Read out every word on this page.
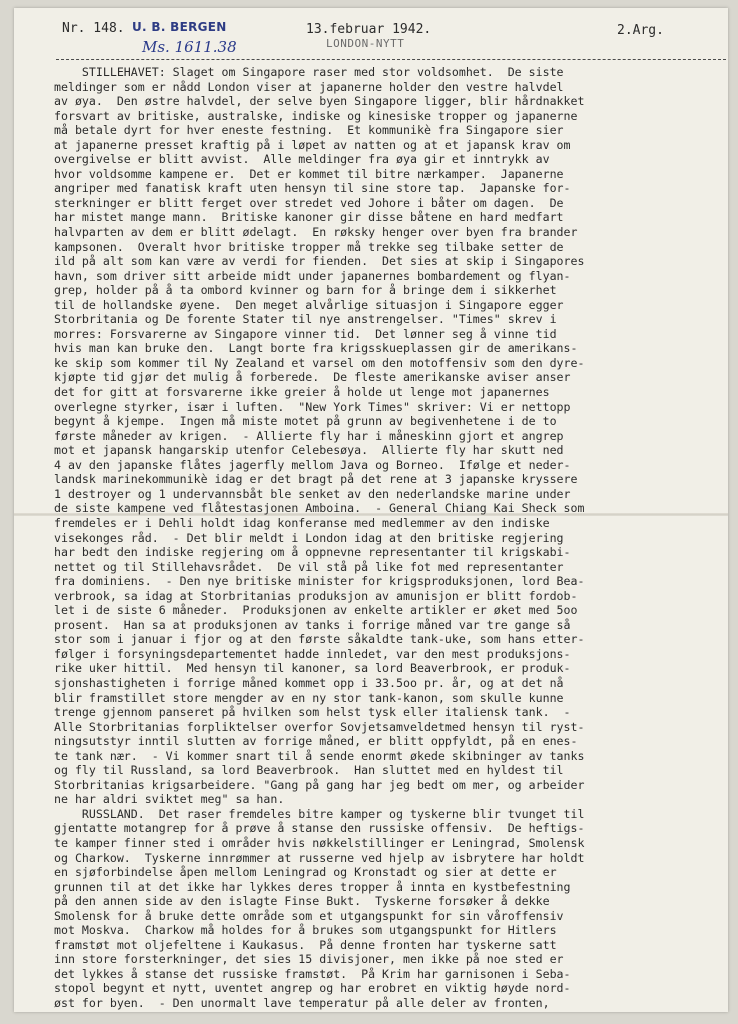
Nr. 148. U. B. BERGEN
Ms. 1611.38
13.februar 1942.
LONDON-NYTT
2.Arg.
STILLEHAVET: Slaget om Singapore raser med stor voldsomhet.  De siste
meldinger som er nådd London viser at japanerne holder den vestre halvdel
av øya.  Den østre halvdel, der selve byen Singapore ligger, blir hårdnakket
forsvart av britiske, australske, indiske og kinesiske tropper og japanerne
må betale dyrt for hver eneste festning.  Et kommunikè fra Singapore sier
at japanerne presset kraftig på i løpet av natten og at et japansk krav om
overgivelse er blitt avvist.  Alle meldinger fra øya gir et inntrykk av
hvor voldsomme kampene er.  Det er kommet til bitre nærkamper.  Japanerne
angriper med fanatisk kraft uten hensyn til sine store tap.  Japanske for-
sterkninger er blitt ferget over stredet ved Johore i båter om dagen.  De
har mistet mange mann.  Britiske kanoner gir disse båtene en hard medfart
halvparten av dem er blitt ødelagt.  En røksky henger over byen fra brander
kampsonen.  Overalt hvor britiske tropper må trekke seg tilbake setter de
ild på alt som kan være av verdi for fienden.  Det sies at skip i Singapores
havn, som driver sitt arbeide midt under japanernes bombardement og flyan-
grep, holder på å ta ombord kvinner og barn for å bringe dem i sikkerhet
til de hollandske øyene.  Den meget alvårlige situasjon i Singapore egger
Storbritania og De forente Stater til nye anstrengelser. "Times" skrev i
morres: Forsvarerne av Singapore vinner tid.  Det lønner seg å vinne tid
hvis man kan bruke den.  Langt borte fra krigsskueplassen gir de amerikans-
ke skip som kommer til Ny Zealand et varsel om den motoffensiv som den dyre-
kjøpte tid gjør det mulig å forberede.  De fleste amerikanske aviser anser
det for gitt at forsvarerne ikke greier å holde ut lenge mot japanernes
overlegne styrker, især i luften.  "New York Times" skriver: Vi er nettopp
begynt å kjempe.  Ingen må miste motet på grunn av begivenhetene i de to
første måneder av krigen.  - Allierte fly har i måneskinn gjort et angrep
mot et japansk hangarskip utenfor Celebesøya.  Allierte fly har skutt ned
4 av den japanske flåtes jagerfly mellom Java og Borneo.  Ifølge et neder-
landsk marinekommunikè idag er det bragt på det rene at 3 japanske kryssere
1 destroyer og 1 undervannsbåt ble senket av den nederlandske marine under
de siste kampene ved flåtestasjonen Amboina.  - General Chiang Kai Sheck som
fremdeles er i Dehli holdt idag konferanse med medlemmer av den indiske
visekonges råd.  - Det blir meldt i London idag at den britiske regjering
har bedt den indiske regjering om å oppnevne representanter til krigskabi-
nettet og til Stillehavsrådet.  De vil stå på like fot med representanter
fra dominiens.  - Den nye britiske minister for krigsproduksjonen, lord Bea-
verbrook, sa idag at Storbritanias produksjon av amunisjon er blitt fordob-
let i de siste 6 måneder.  Produksjonen av enkelte artikler er øket med 5oo
prosent.  Han sa at produksjonen av tanks i forrige måned var tre gange så
stor som i januar i fjor og at den første såkaldte tank-uke, som hans etter-
følger i forsyningsdepartementet hadde innledet, var den mest produksjons-
rike uker hittil.  Med hensyn til kanoner, sa lord Beaverbrook, er produk-
sjonshastigheten i forrige måned kommet opp i 33.5oo pr. år, og at det nå
blir framstillet store mengder av en ny stor tank-kanon, som skulle kunne
trenge gjennom panseret på hvilken som helst tysk eller italiensk tank.  -
Alle Storbritanias forpliktelser overfor Sovjetsamveldetmed hensyn til ryst-
ningsutstyr inntil slutten av forrige måned, er blitt oppfyldt, på en enes-
te tank nær.  - Vi kommer snart til å sende enormt økede skibninger av tanks
og fly til Russland, sa lord Beaverbrook.  Han sluttet med en hyldest til
Storbritanias krigsarbeidere. "Gang på gang har jeg bedt om mer, og arbeider
ne har aldri sviktet meg" sa han.
RUSSLAND.  Det raser fremdeles bitre kamper og tyskerne blir tvunget til
gjentatte motangrep for å prøve å stanse den russiske offensiv.  De heftigs-
te kamper finner sted i områder hvis nøkkelstillinger er Leningrad, Smolensk
og Charkow.  Tyskerne innrømmer at russerne ved hjelp av isbrytere har holdt
en sjøforbindelse åpen mellom Leningrad og Kronstadt og sier at dette er
grunnen til at det ikke har lykkes deres tropper å innta en kystbefestning
på den annen side av den islagte Finse Bukt.  Tyskerne forsøker å dekke
Smolensk for å bruke dette område som et utgangspunkt for sin våroffensiv
mot Moskva.  Charkow må holdes for å brukes som utgangspunkt for Hitlers
framstøt mot oljefeltene i Kaukasus.  På denne fronten har tyskerne satt
inn store forsterkninger, det sies 15 divisjoner, men ikke på noe sted er
det lykkes å stanse det russiske framstøt.  På Krim har garnisonen i Seba-
stopol begynt et nytt, uventet angrep og har erobret en viktig høyde nord-
øst for byen.  - Den unormalt lave temperatur på alle deler av fronten,
